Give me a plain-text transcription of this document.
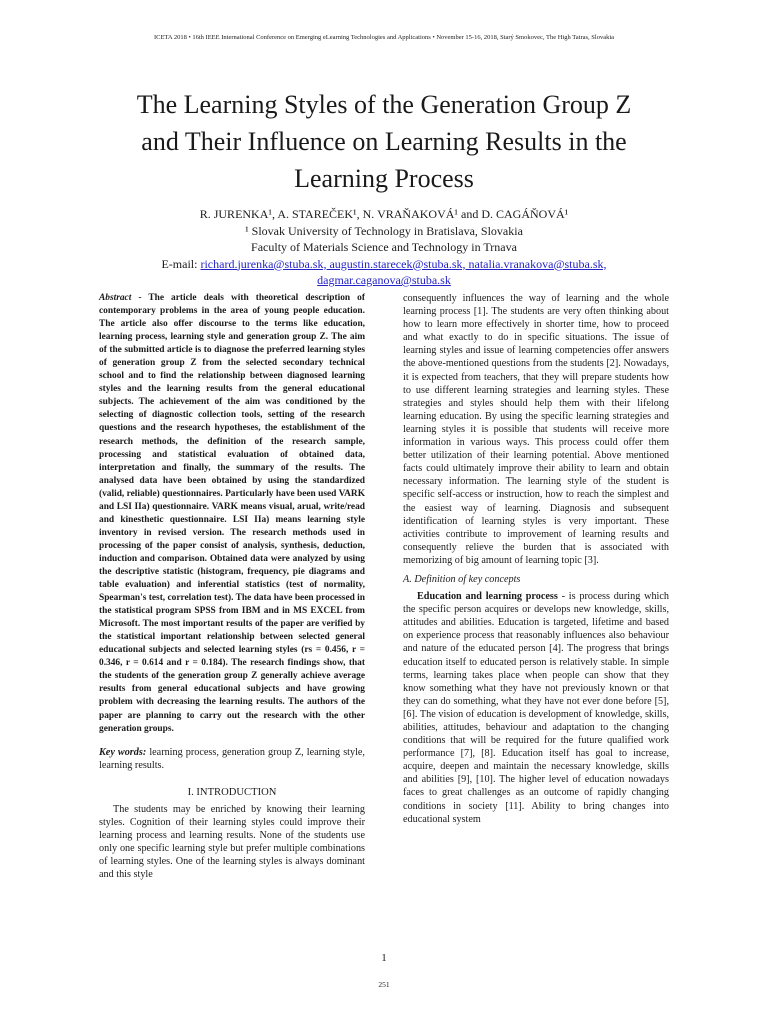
ICETA 2018 • 16th IEEE International Conference on Emerging eLearning Technologies and Applications • November 15-16, 2018, Starý Smokovec, The High Tatras, Slovakia
The Learning Styles of the Generation Group Z
and Their Influence on Learning Results in the
Learning Process
R. JURENKA¹, A. STAREČEK¹, N. VRAŇAKOVÁ¹ and D. CAGÁŇOVÁ¹
¹ Slovak University of Technology in Bratislava, Slovakia
Faculty of Materials Science and Technology in Trnava
E-mail: richard.jurenka@stuba.sk, augustin.starecek@stuba.sk, natalia.vranakova@stuba.sk,
dagmar.caganova@stuba.sk

Abstract - The article deals with theoretical description of contemporary problems in the area of young people education. The article also offer discourse to the terms like education, learning process, learning style and generation group Z. The aim of the submitted article is to diagnose the preferred learning styles of generation group Z from the selected secondary technical school and to find the relationship between diagnosed learning styles and the learning results from the general educational subjects. The achievement of the aim was conditioned by the selecting of diagnostic collection tools, setting of the research questions and the research hypotheses, the establishment of the research methods, the definition of the research sample, processing and statistical evaluation of obtained data, interpretation and finally, the summary of the results. The analysed data have been obtained by using the standardized (valid, reliable) questionnaires. Particularly have been used VARK and LSI IIa) questionnaire. VARK means visual, arual, write/read and kinesthetic questionnaire. LSI IIa) means learning style inventory in revised version. The research methods used in processing of the paper consist of analysis, synthesis, deduction, induction and comparison. Obtained data were analyzed by using the descriptive statistic (histogram, frequency, pie diagrams and table evaluation) and inferential statistics (test of normality, Spearman's test, correlation test). The data have been processed in the statistical program SPSS from IBM and in MS EXCEL from Microsoft. The most important results of the paper are verified by the statistical important relationship between selected general educational subjects and selected learning styles (rs = 0.456, r = 0.346, r = 0.614 and r = 0.184). The research findings show, that the students of the generation group Z generally achieve average results from general educational subjects and have growing problem with decreasing the learning results. The authors of the paper are planning to carry out the research with the other generation groups.

Key words: learning process, generation group Z, learning style, learning results.

I. INTRODUCTION

The students may be enriched by knowing their learning styles. Cognition of their learning styles could improve their learning process and learning results. None of the students use only one specific learning style but prefer multiple combinations of learning styles. One of the learning styles is always dominant and this style

consequently influences the way of learning and the whole learning process [1]. The students are very often thinking about how to learn more effectively in shorter time, how to proceed and what exactly to do in specific situations. The issue of learning styles and issue of learning competencies offer answers the above-mentioned questions from the students [2]. Nowadays, it is expected from teachers, that they will prepare students how to use different learning strategies and learning styles. These strategies and styles should help them with their lifelong learning education. By using the specific learning strategies and learning styles it is possible that students will receive more information in various ways. This process could offer them better utilization of their learning potential. Above mentioned facts could ultimately improve their ability to learn and obtain necessary information. The learning style of the student is specific self-access or instruction, how to reach the simplest and the easiest way of learning. Diagnosis and subsequent identification of learning styles is very important. These activities contribute to improvement of learning results and consequently relieve the burden that is associated with memorizing of big amount of learning topic [3].

A. Definition of key concepts

Education and learning process - is process during which the specific person acquires or develops new knowledge, skills, attitudes and abilities. Education is targeted, lifetime and based on experience process that reasonably influences also behaviour and nature of the educated person [4]. The progress that brings education itself to educated person is relatively stable. In simple terms, learning takes place when people can show that they know something what they have not previously known or that they can do something, what they have not ever done before [5], [6]. The vision of education is development of knowledge, skills, abilities, attitudes, behaviour and adaptation to the changing conditions that will be required for the future qualified work performance [7], [8]. Education itself has goal to increase, acquire, deepen and maintain the necessary knowledge, skills and abilities [9], [10]. The higher level of education nowadays faces to great challenges as an outcome of rapidly changing conditions in society [11]. Ability to bring changes into educational system

1
251
